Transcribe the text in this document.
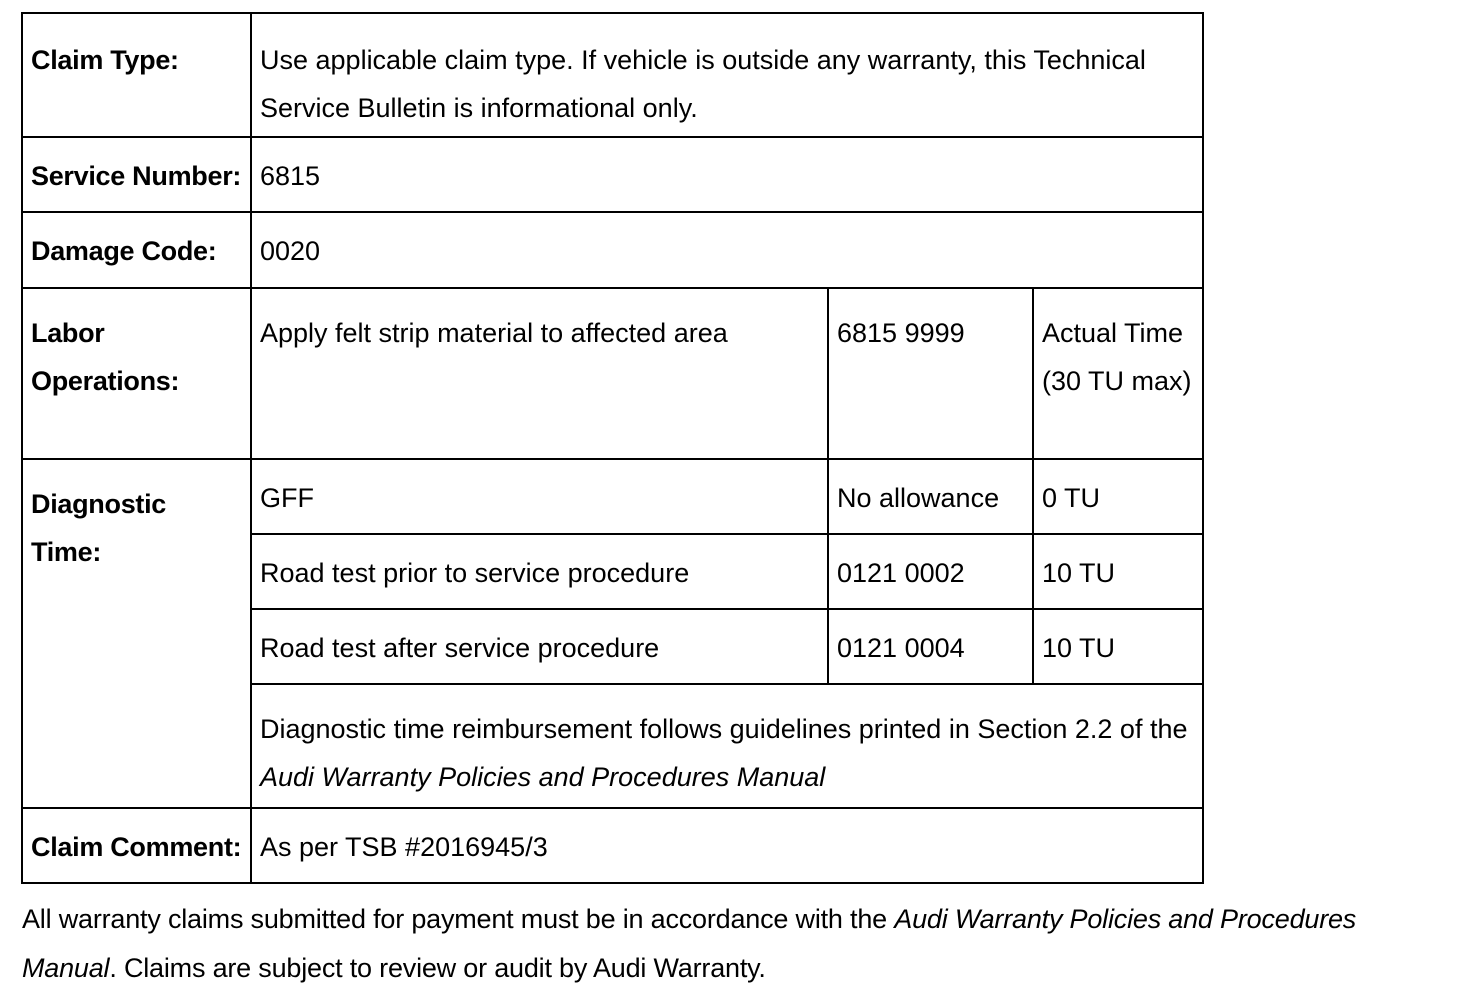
Claim Type:	Use applicable claim type. If vehicle is outside any warranty, this Technical Service Bulletin is informational only.		
Service Number:	6815		
Damage Code:	0020		
Labor Operations:	Apply felt strip material to affected area	6815 9999	Actual Time (30 TU max)
Diagnostic Time:	GFF	No allowance	0 TU
	Road test prior to service procedure	0121 0002	10 TU
	Road test after service procedure	0121 0004	10 TU
	Diagnostic time reimbursement follows guidelines printed in Section 2.2 of the Audi Warranty Policies and Procedures Manual		
Claim Comment:	As per TSB #2016945/3		

All warranty claims submitted for payment must be in accordance with the Audi Warranty Policies and Procedures Manual. Claims are subject to review or audit by Audi Warranty.
